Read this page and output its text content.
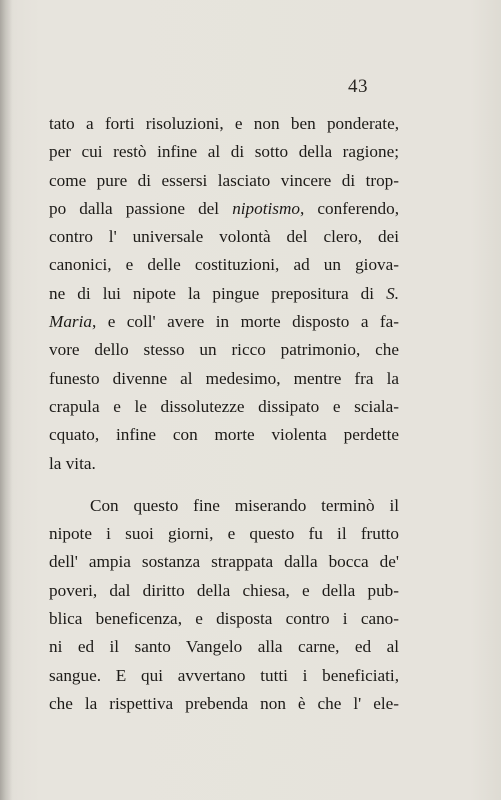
43
tato a forti risoluzioni, e non ben ponderate,
per cui restò infine al di sotto della ragione;
come pure di essersi lasciato vincere di trop-
po dalla passione del nipotismo, conferendo,
contro l' universale volontà del clero, dei
canonici, e delle costituzioni, ad un giova-
ne di lui nipote la pingue prepositura di S.
Maria, e coll' avere in morte disposto a fa-
vore dello stesso un ricco patrimonio, che
funesto divenne al medesimo, mentre fra la
crapula e le dissolutezze dissipato e sciala-
cquato, infine con morte violenta perdette
la vita.
Con questo fine miserando terminò il
nipote i suoi giorni, e questo fu il frutto
dell' ampia sostanza strappata dalla bocca de'
poveri, dal diritto della chiesa, e della pub-
blica beneficenza, e disposta contro i cano-
ni ed il santo Vangelo alla carne, ed al
sangue. E qui avvertano tutti i beneficiati,
che la rispettiva prebenda non è che l' ele-
